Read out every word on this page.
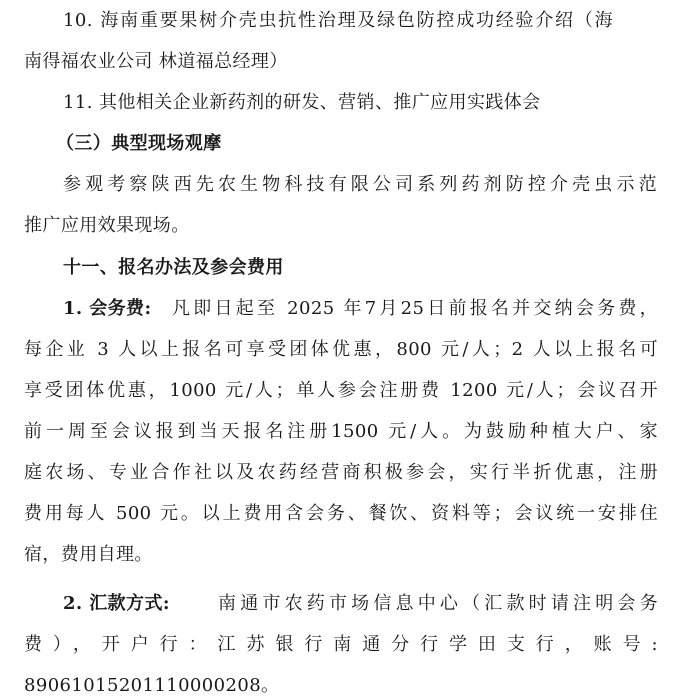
10. 海南重要果树介壳虫抗性治理及绿色防控成功经验介绍（海
南得福农业公司 林道福总经理）
11. 其他相关企业新药剂的研发、营销、推广应用实践体会
（三）典型现场观摩
参观考察陕西先农生物科技有限公司系列药剂防控介壳虫示范
推广应用效果现场。
十一、报名办法及参会费用
1. 会务费:	凡即日起至 2025 年7月25日前报名并交纳会务费，
每企业 3 人以上报名可享受团体优惠，800 元/人；2 人以上报名可
享受团体优惠，1000 元/人；单人参会注册费 1200 元/人；会议召开
前一周至会议报到当天报名注册1500 元/人。为鼓励种植大户、家
庭农场、专业合作社以及农药经营商积极参会，实行半折优惠，注册
费用每人 500 元。以上费用含会务、餐饮、资料等；会议统一安排住
宿，费用自理。
2. 汇款方式:	南通市农药市场信息中心（汇款时请注明会务
费），开户行：江苏银行南通分行学田支行，账号:
89061015201110000208。
